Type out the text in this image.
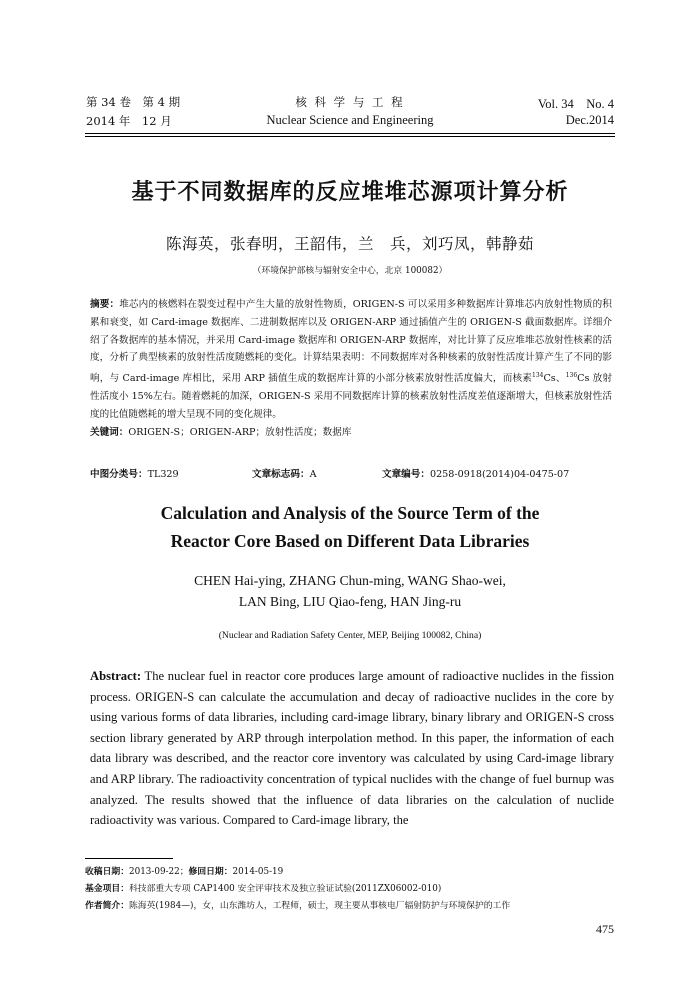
第 34 卷　第 4 期
2014 年　12 月
核 科 学 与 工 程
Nuclear Science and Engineering
Vol. 34　No. 4
Dec.2014
基于不同数据库的反应堆堆芯源项计算分析
陈海英，张春明，王韶伟，兰　兵，刘巧凤，韩静茹
（环境保护部核与辐射安全中心，北京 100082）
摘要：堆芯内的核燃料在裂变过程中产生大量的放射性物质，ORIGEN-S 可以采用多种数据库计算堆芯内放射性物质的积累和衰变，如 Card-image 数据库、二进制数据库以及 ORIGEN-ARP 通过插值产生的 ORIGEN-S 截面数据库。详细介绍了各数据库的基本情况，并采用 Card-image 数据库和 ORIGEN-ARP 数据库，对比计算了反应堆堆芯放射性核素的活度，分析了典型核素的放射性活度随燃耗的变化。计算结果表明：不同数据库对各种核素的放射性活度计算产生了不同的影响，与 Card-image 库相比，采用 ARP 插值生成的数据库计算的小部分核素放射性活度偏大，而核素$^{134}$Cs、$^{136}$Cs 放射性活度小 15%左右。随着燃耗的加深，ORIGEN-S 采用不同数据库计算的核素放射性活度差值逐渐增大，但核素放射性活度的比值随燃耗的增大呈现不同的变化规律。
关键词：ORIGEN-S；ORIGEN-ARP；放射性活度；数据库
中图分类号：TL329	文章标志码：A	文章编号：0258-0918(2014)04-0475-07
Calculation and Analysis of the Source Term of the
Reactor Core Based on Different Data Libraries
CHEN Hai-ying, ZHANG Chun-ming, WANG Shao-wei,
LAN Bing, LIU Qiao-feng, HAN Jing-ru
(Nuclear and Radiation Safety Center, MEP, Beijing 100082, China)
Abstract: The nuclear fuel in reactor core produces large amount of radioactive nuclides in the fission process. ORIGEN-S can calculate the accumulation and decay of radioactive nuclides in the core by using various forms of data libraries, including card-image library, binary library and ORIGEN-S cross section library generated by ARP through interpolation method. In this paper, the information of each data library was described, and the reactor core inventory was calculated by using Card-image library and ARP library. The radioactivity concentration of typical nuclides with the change of fuel burnup was analyzed. The results showed that the influence of data libraries on the calculation of nuclide radioactivity was various. Compared to Card-image library, the
收稿日期：2013-09-22；修回日期：2014-05-19
基金项目：科技部重大专项 CAP1400 安全评审技术及独立验证试验(2011ZX06002-010)
作者简介：陈海英(1984—)，女，山东潍坊人，工程师，硕士，现主要从事核电厂辐射防护与环境保护的工作
475
